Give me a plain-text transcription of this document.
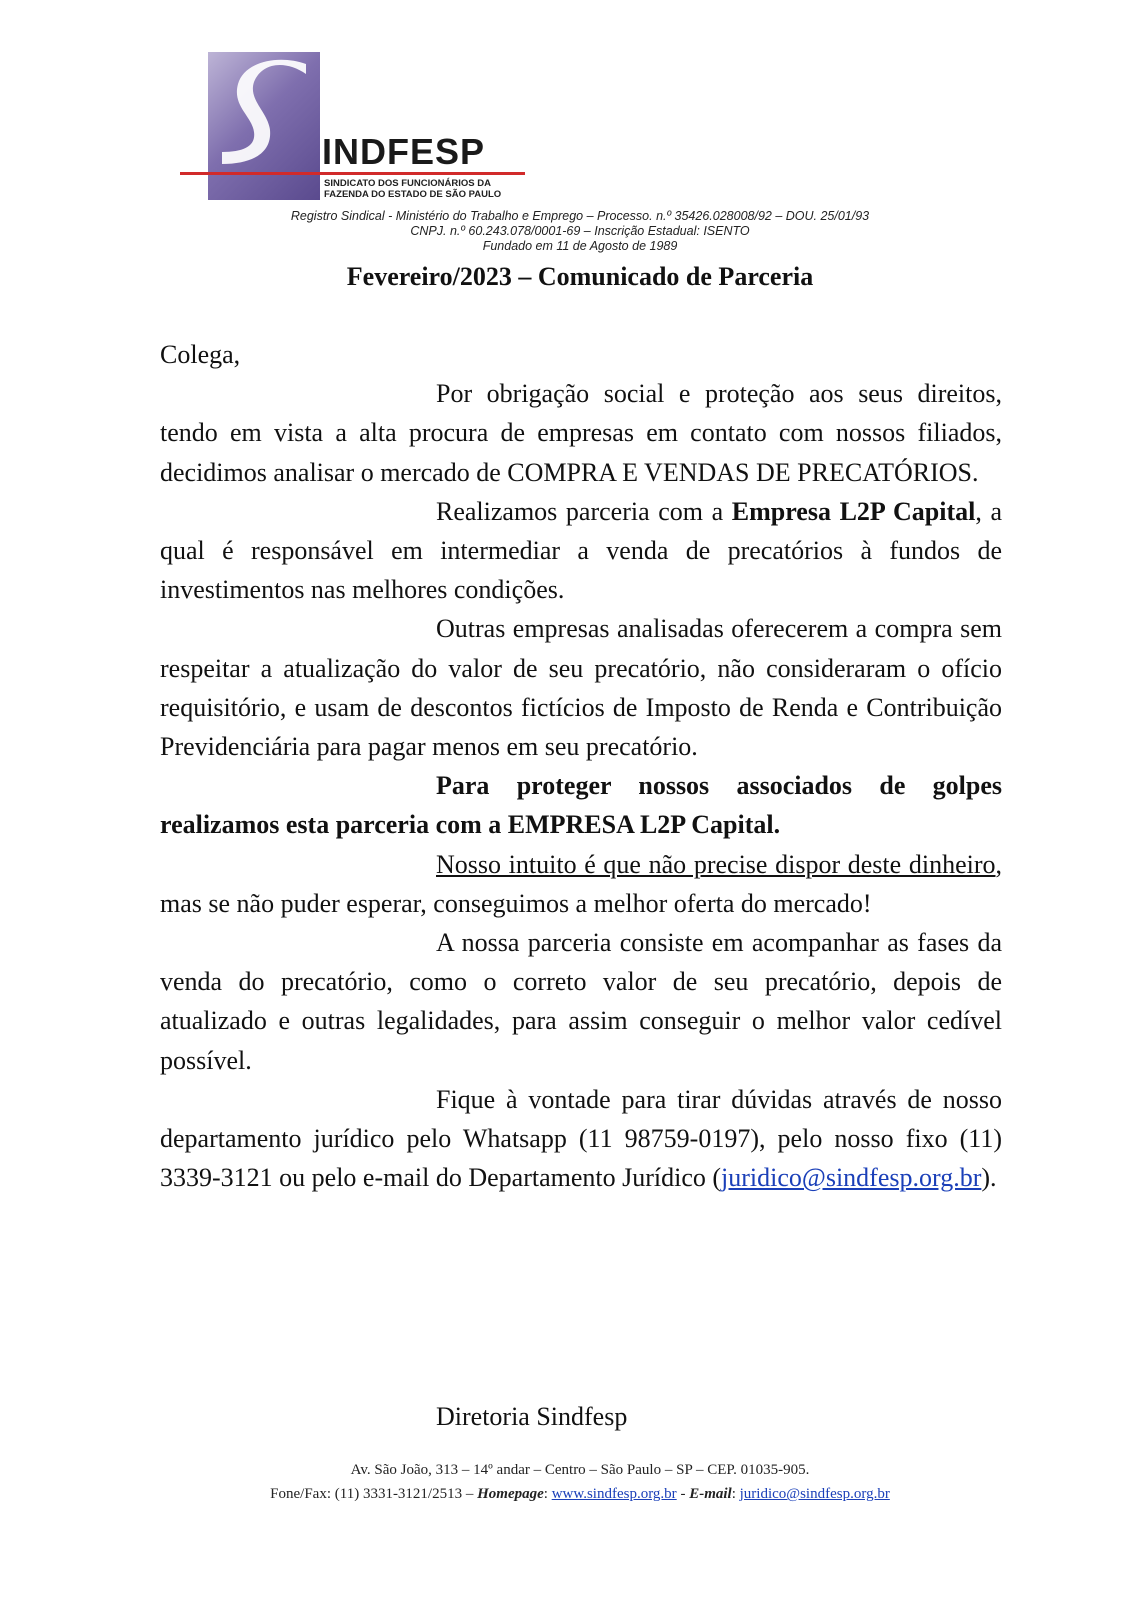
INDFESP
SINDICATO DOS FUNCIONÁRIOS DA
FAZENDA DO ESTADO DE SÃO PAULO
Registro Sindical - Ministério do Trabalho e Emprego – Processo. n.º 35426.028008/92 – DOU. 25/01/93
CNPJ. n.º 60.243.078/0001-69 – Inscrição Estadual: ISENTO
Fundado em 11 de Agosto de 1989
Fevereiro/2023 – Comunicado de Parceria

Colega,

Por obrigação social e proteção aos seus direitos, tendo em vista a alta procura de empresas em contato com nossos filiados, decidimos analisar o mercado de COMPRA E VENDAS DE PRECATÓRIOS.

Realizamos parceria com a Empresa L2P Capital, a qual é responsável em intermediar a venda de precatórios à fundos de investimentos nas melhores condições.

Outras empresas analisadas oferecerem a compra sem respeitar a atualização do valor de seu precatório, não consideraram o ofício requisitório, e usam de descontos fictícios de Imposto de Renda e Contribuição Previdenciária para pagar menos em seu precatório.

Para proteger nossos associados de golpes realizamos esta parceria com a EMPRESA L2P Capital.

Nosso intuito é que não precise dispor deste dinheiro, mas se não puder esperar, conseguimos a melhor oferta do mercado!

A nossa parceria consiste em acompanhar as fases da venda do precatório, como o correto valor de seu precatório, depois de atualizado e outras legalidades, para assim conseguir o melhor valor cedível possível.

Fique à vontade para tirar dúvidas através de nosso departamento jurídico pelo Whatsapp (11 98759-0197), pelo nosso fixo (11) 3339-3121 ou pelo e-mail do Departamento Jurídico (juridico@sindfesp.org.br).

Diretoria Sindfesp
Av. São João, 313 – 14º andar – Centro – São Paulo – SP – CEP. 01035-905.
Fone/Fax: (11) 3331-3121/2513 – Homepage: www.sindfesp.org.br - E-mail: juridico@sindfesp.org.br
